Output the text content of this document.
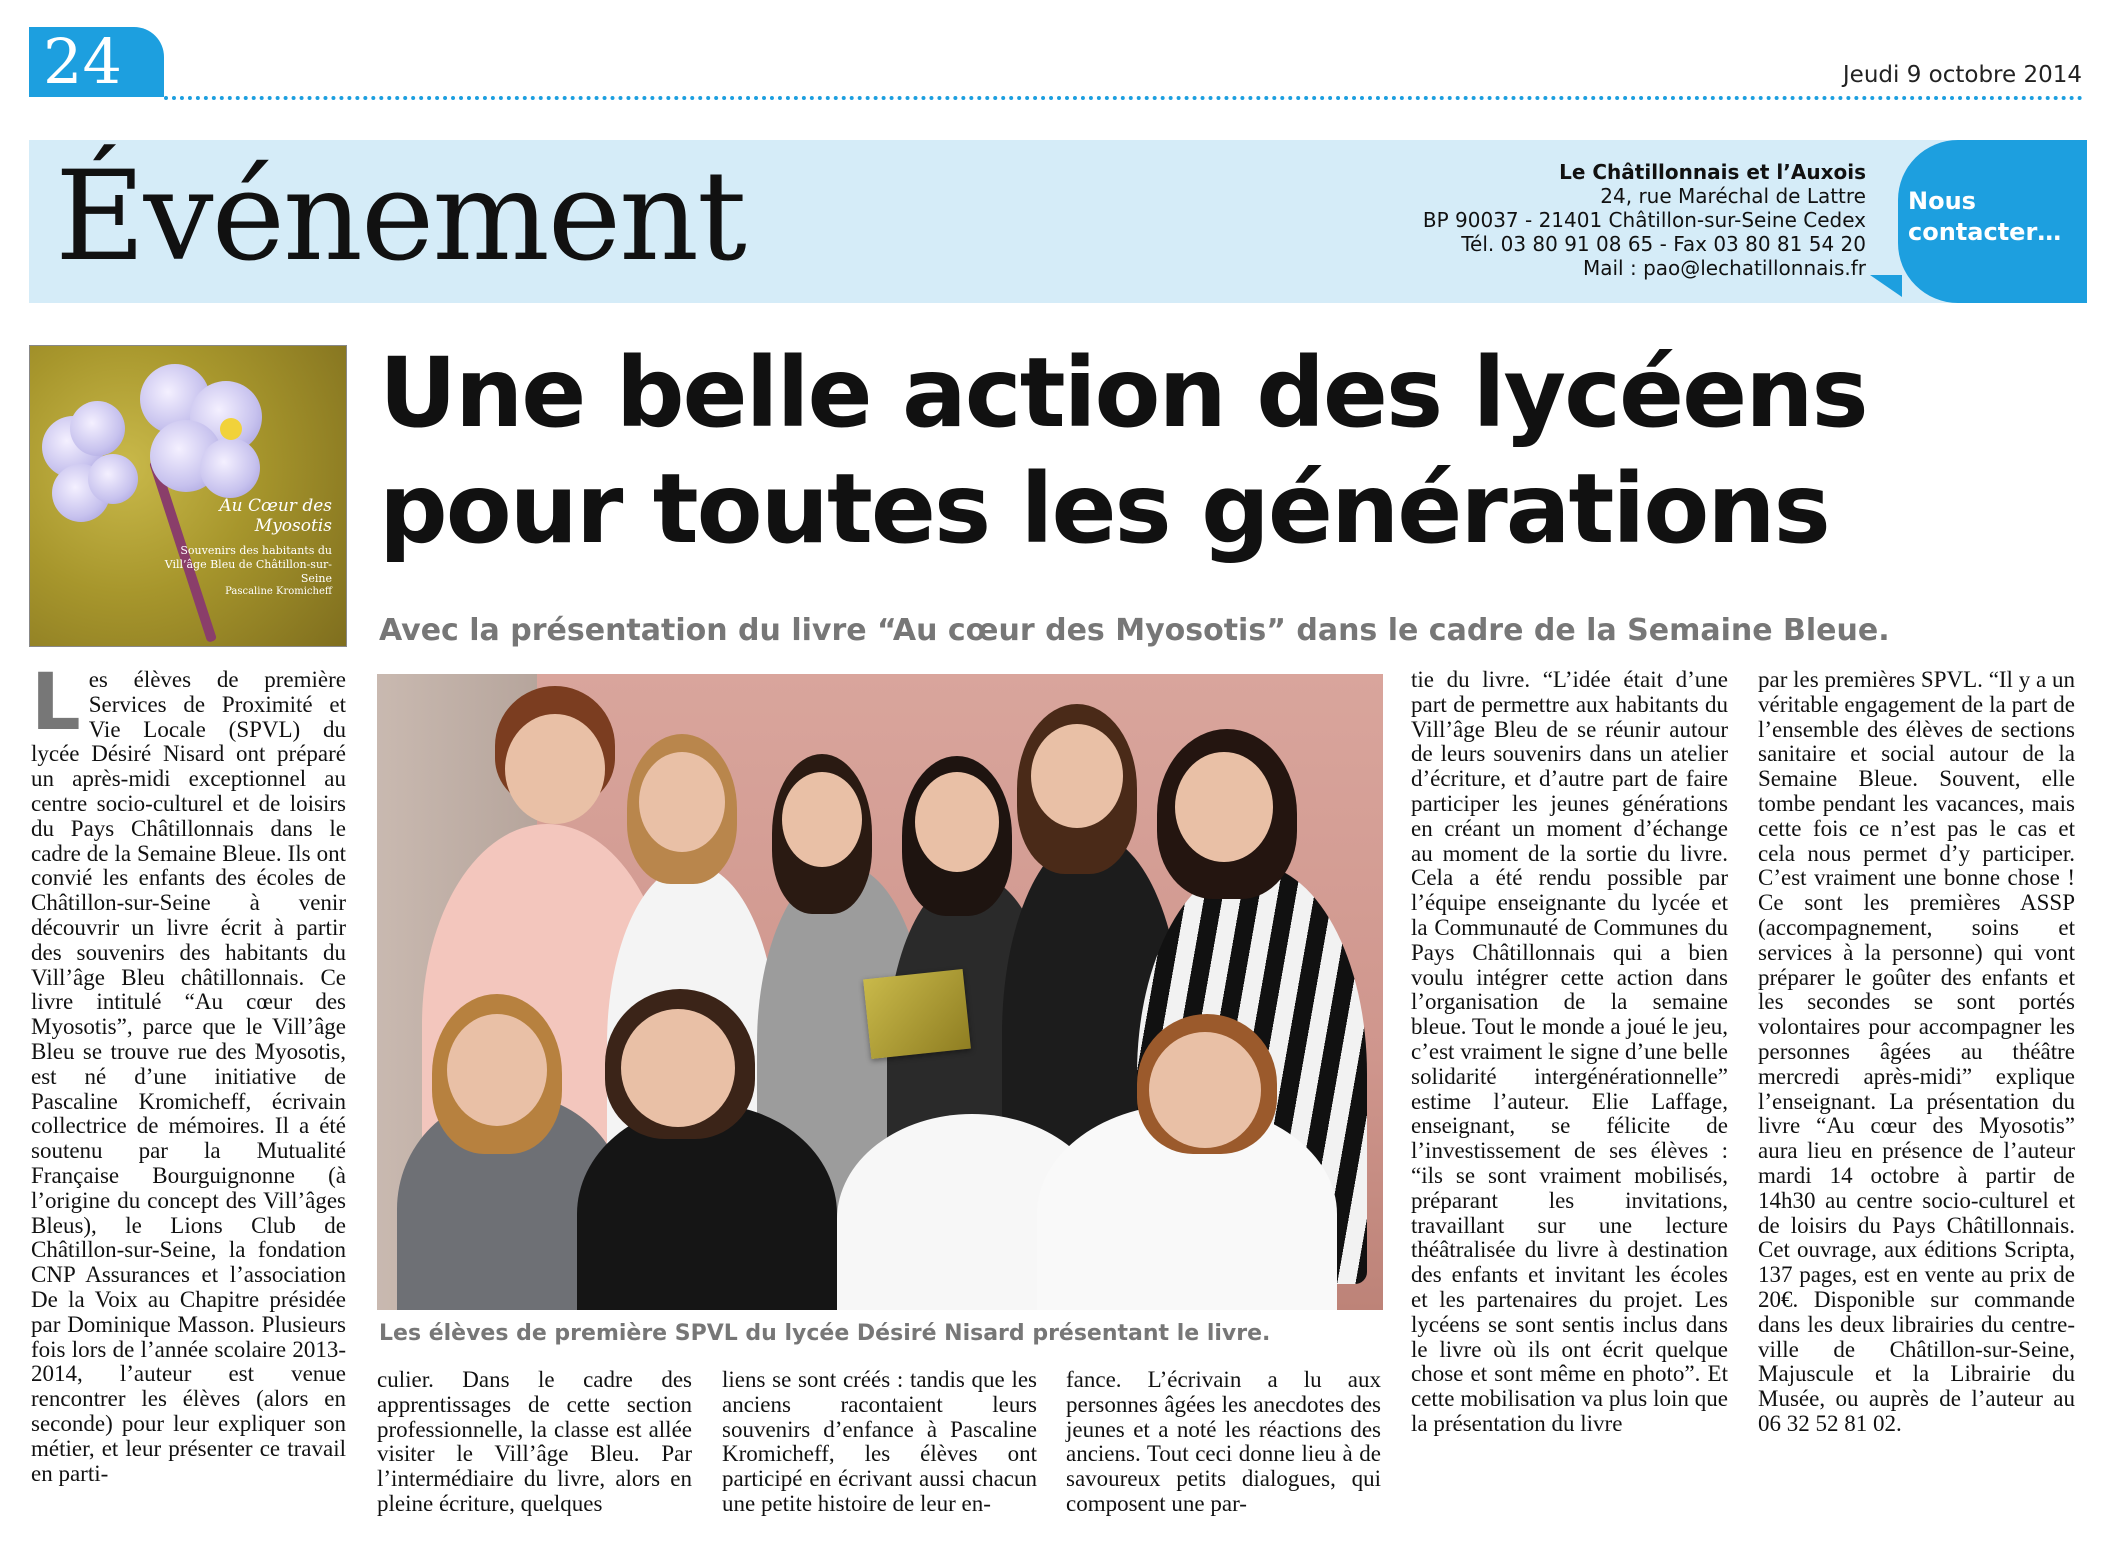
24	Jeudi 9 octobre 2014
Événement	Le Châtillonnais et l’Auxois
24, rue Maréchal de Lattre
BP 90037 - 21401 Châtillon-sur-Seine Cedex
Tél. 03 80 91 08 65 - Fax 03 80 81 54 20
Mail : pao@lechatillonnais.fr
Nous contacter…
Au Cœur des Myosotis
Souvenirs des habitants du Vill’âge Bleu de Châtillon-sur-Seine
Pascaline Kromicheff
Une belle action des lycéens pour toutes les générations
Avec la présentation du livre “Au cœur des Myosotis” dans le cadre de la Semaine Bleue.
Les élèves de première SPVL du lycée Désiré Nisard présentant le livre.
Les élèves de première Services de Proximité et Vie Locale (SPVL) du lycée Désiré Nisard ont préparé un après-midi exceptionnel au centre socio-culturel et de loisirs du Pays Châtillonnais dans le cadre de la Semaine Bleue. Ils ont convié les enfants des écoles de Châtillon-sur-Seine à venir découvrir un livre écrit à partir des souvenirs des habitants du Vill’âge Bleu châtillonnais. Ce livre intitulé “Au cœur des Myosotis”, parce que le Vill’âge Bleu se trouve rue des Myosotis, est né d’une initiative de Pascaline Kromicheff, écrivain collectrice de mémoires. Il a été soutenu par la Mutualité Française Bourguignonne (à l’origine du concept des Vill’âges Bleus), le Lions Club de Châtillon-sur-Seine, la fondation CNP Assurances et l’association De la Voix au Chapitre présidée par Dominique Masson. Plusieurs fois lors de l’année scolaire 2013-2014, l’auteur est venue rencontrer les élèves (alors en seconde) pour leur expliquer son métier, et leur présenter ce travail en parti-

culier. Dans le cadre des apprentissages de cette section professionnelle, la classe est allée visiter le Vill’âge Bleu. Par l’intermédiaire du livre, alors en pleine écriture, quelques

liens se sont créés : tandis que les anciens racontaient leurs souvenirs d’enfance à Pascaline Kromicheff, les élèves ont participé en écrivant aussi chacun une petite histoire de leur en-

fance. L’écrivain a lu aux personnes âgées les anecdotes des jeunes et a noté les réactions des anciens. Tout ceci donne lieu à de savoureux petits dialogues, qui composent une par-

tie du livre. “L’idée était d’une part de permettre aux habitants du Vill’âge Bleu de se réunir autour de leurs souvenirs dans un atelier d’écriture, et d’autre part de faire participer les jeunes générations en créant un moment d’échange au moment de la sortie du livre. Cela a été rendu possible par l’équipe enseignante du lycée et la Communauté de Communes du Pays Châtillonnais qui a bien voulu intégrer cette action dans l’organisation de la semaine bleue. Tout le monde a joué le jeu, c’est vraiment le signe d’une belle solidarité intergénérationnelle” estime l’auteur. Elie Laffage, enseignant, se félicite de l’investissement de ses élèves : “ils se sont vraiment mobilisés, préparant les invitations, travaillant sur une lecture théâtralisée du livre à destination des enfants et invitant les écoles et les partenaires du projet. Les lycéens se sont sentis inclus dans le livre où ils ont écrit quelque chose et sont même en photo”. Et cette mobilisation va plus loin que la présentation du livre

par les premières SPVL. “Il y a un véritable engagement de la part de l’ensemble des élèves de sections sanitaire et social autour de la Semaine Bleue. Souvent, elle tombe pendant les vacances, mais cette fois ce n’est pas le cas et cela nous permet d’y participer. C’est vraiment une bonne chose ! Ce sont les premières ASSP (accompagnement, soins et services à la personne) qui vont préparer le goûter des enfants et les secondes se sont portés volontaires pour accompagner les personnes âgées au théâtre mercredi après-midi” explique l’enseignant. La présentation du livre “Au cœur des Myosotis” aura lieu en présence de l’auteur mardi 14 octobre à partir de 14h30 au centre socio-culturel et de loisirs du Pays Châtillonnais. Cet ouvrage, aux éditions Scripta, 137 pages, est en vente au prix de 20€. Disponible sur commande dans les deux librairies du centre-ville de Châtillon-sur-Seine, Majuscule et la Librairie du Musée, ou auprès de l’auteur au 06 32 52 81 02.
